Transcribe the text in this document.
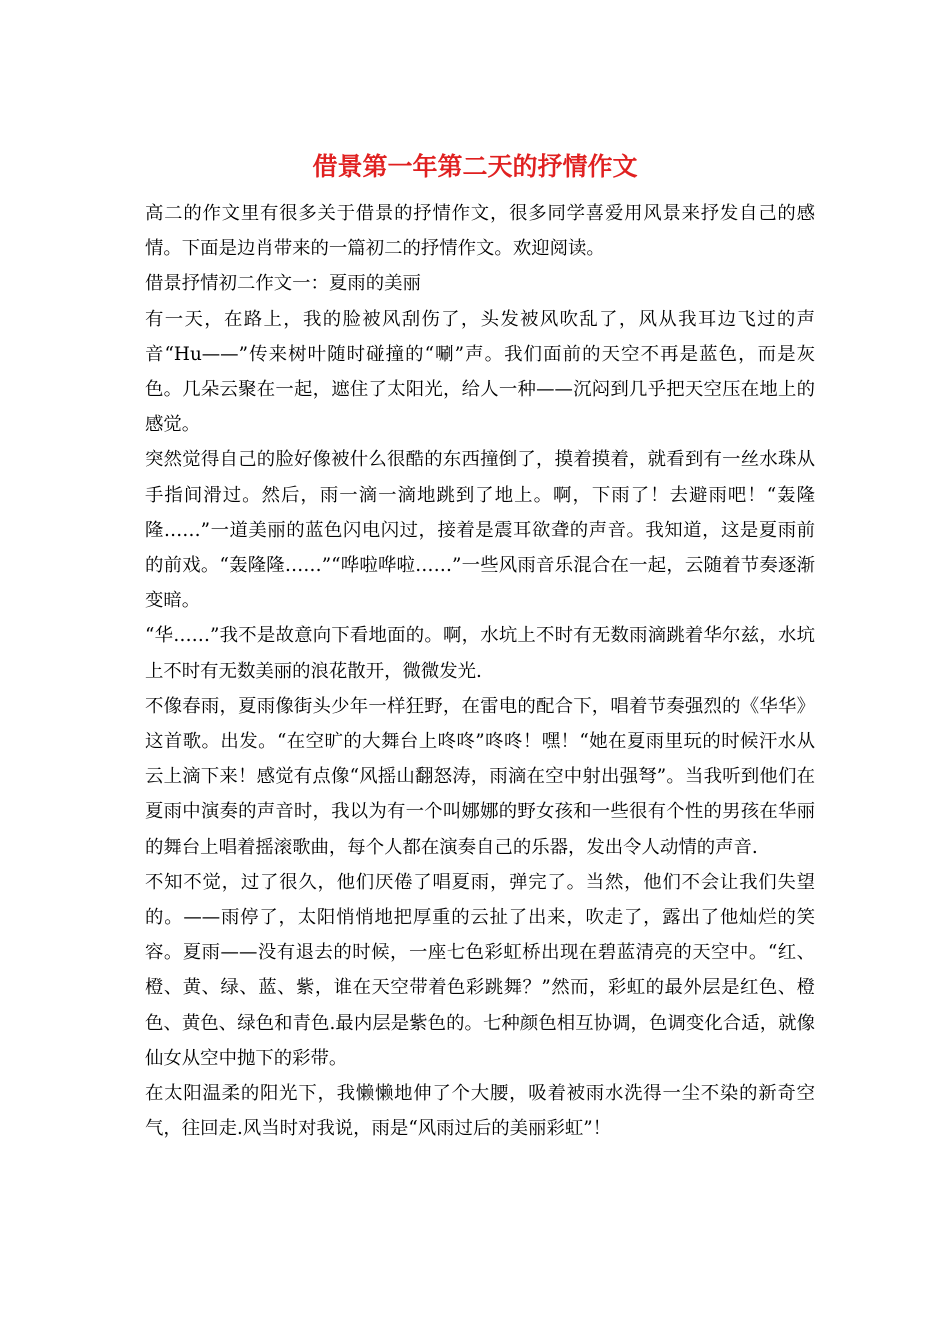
借景第一年第二天的抒情作文

高二的作文里有很多关于借景的抒情作文，很多同学喜爱用风景来抒发自己的感情。下面是边肖带来的一篇初二的抒情作文。欢迎阅读。

借景抒情初二作文一：夏雨的美丽

有一天，在路上，我的脸被风刮伤了，头发被风吹乱了，风从我耳边飞过的声音“Hu——”传来树叶随时碰撞的“唰”声。我们面前的天空不再是蓝色，而是灰色。几朵云聚在一起，遮住了太阳光，给人一种——沉闷到几乎把天空压在地上的感觉。

突然觉得自己的脸好像被什么很酷的东西撞倒了，摸着摸着，就看到有一丝水珠从手指间滑过。然后，雨一滴一滴地跳到了地上。啊，下雨了！去避雨吧！“轰隆隆……”一道美丽的蓝色闪电闪过，接着是震耳欲聋的声音。我知道，这是夏雨前的前戏。“轰隆隆……”“哗啦哗啦……”一些风雨音乐混合在一起，云随着节奏逐渐变暗。

“华……”我不是故意向下看地面的。啊，水坑上不时有无数雨滴跳着华尔兹，水坑上不时有无数美丽的浪花散开，微微发光.

不像春雨，夏雨像街头少年一样狂野，在雷电的配合下，唱着节奏强烈的《华华》这首歌。出发。“在空旷的大舞台上咚咚”咚咚！嘿！“她在夏雨里玩的时候汗水从云上滴下来！感觉有点像“风摇山翻怒涛，雨滴在空中射出强弩”。当我听到他们在夏雨中演奏的声音时，我以为有一个叫娜娜的野女孩和一些很有个性的男孩在华丽的舞台上唱着摇滚歌曲，每个人都在演奏自己的乐器，发出令人动情的声音.

不知不觉，过了很久，他们厌倦了唱夏雨，弹完了。当然，他们不会让我们失望的。——雨停了，太阳悄悄地把厚重的云扯了出来，吹走了，露出了他灿烂的笑容。夏雨——没有退去的时候，一座七色彩虹桥出现在碧蓝清亮的天空中。“红、橙、黄、绿、蓝、紫，谁在天空带着色彩跳舞？”然而，彩虹的最外层是红色、橙色、黄色、绿色和青色.最内层是紫色的。七种颜色相互协调，色调变化合适，就像仙女从空中抛下的彩带。

在太阳温柔的阳光下，我懒懒地伸了个大腰，吸着被雨水洗得一尘不染的新奇空气，往回走.风当时对我说，雨是“风雨过后的美丽彩虹”！
